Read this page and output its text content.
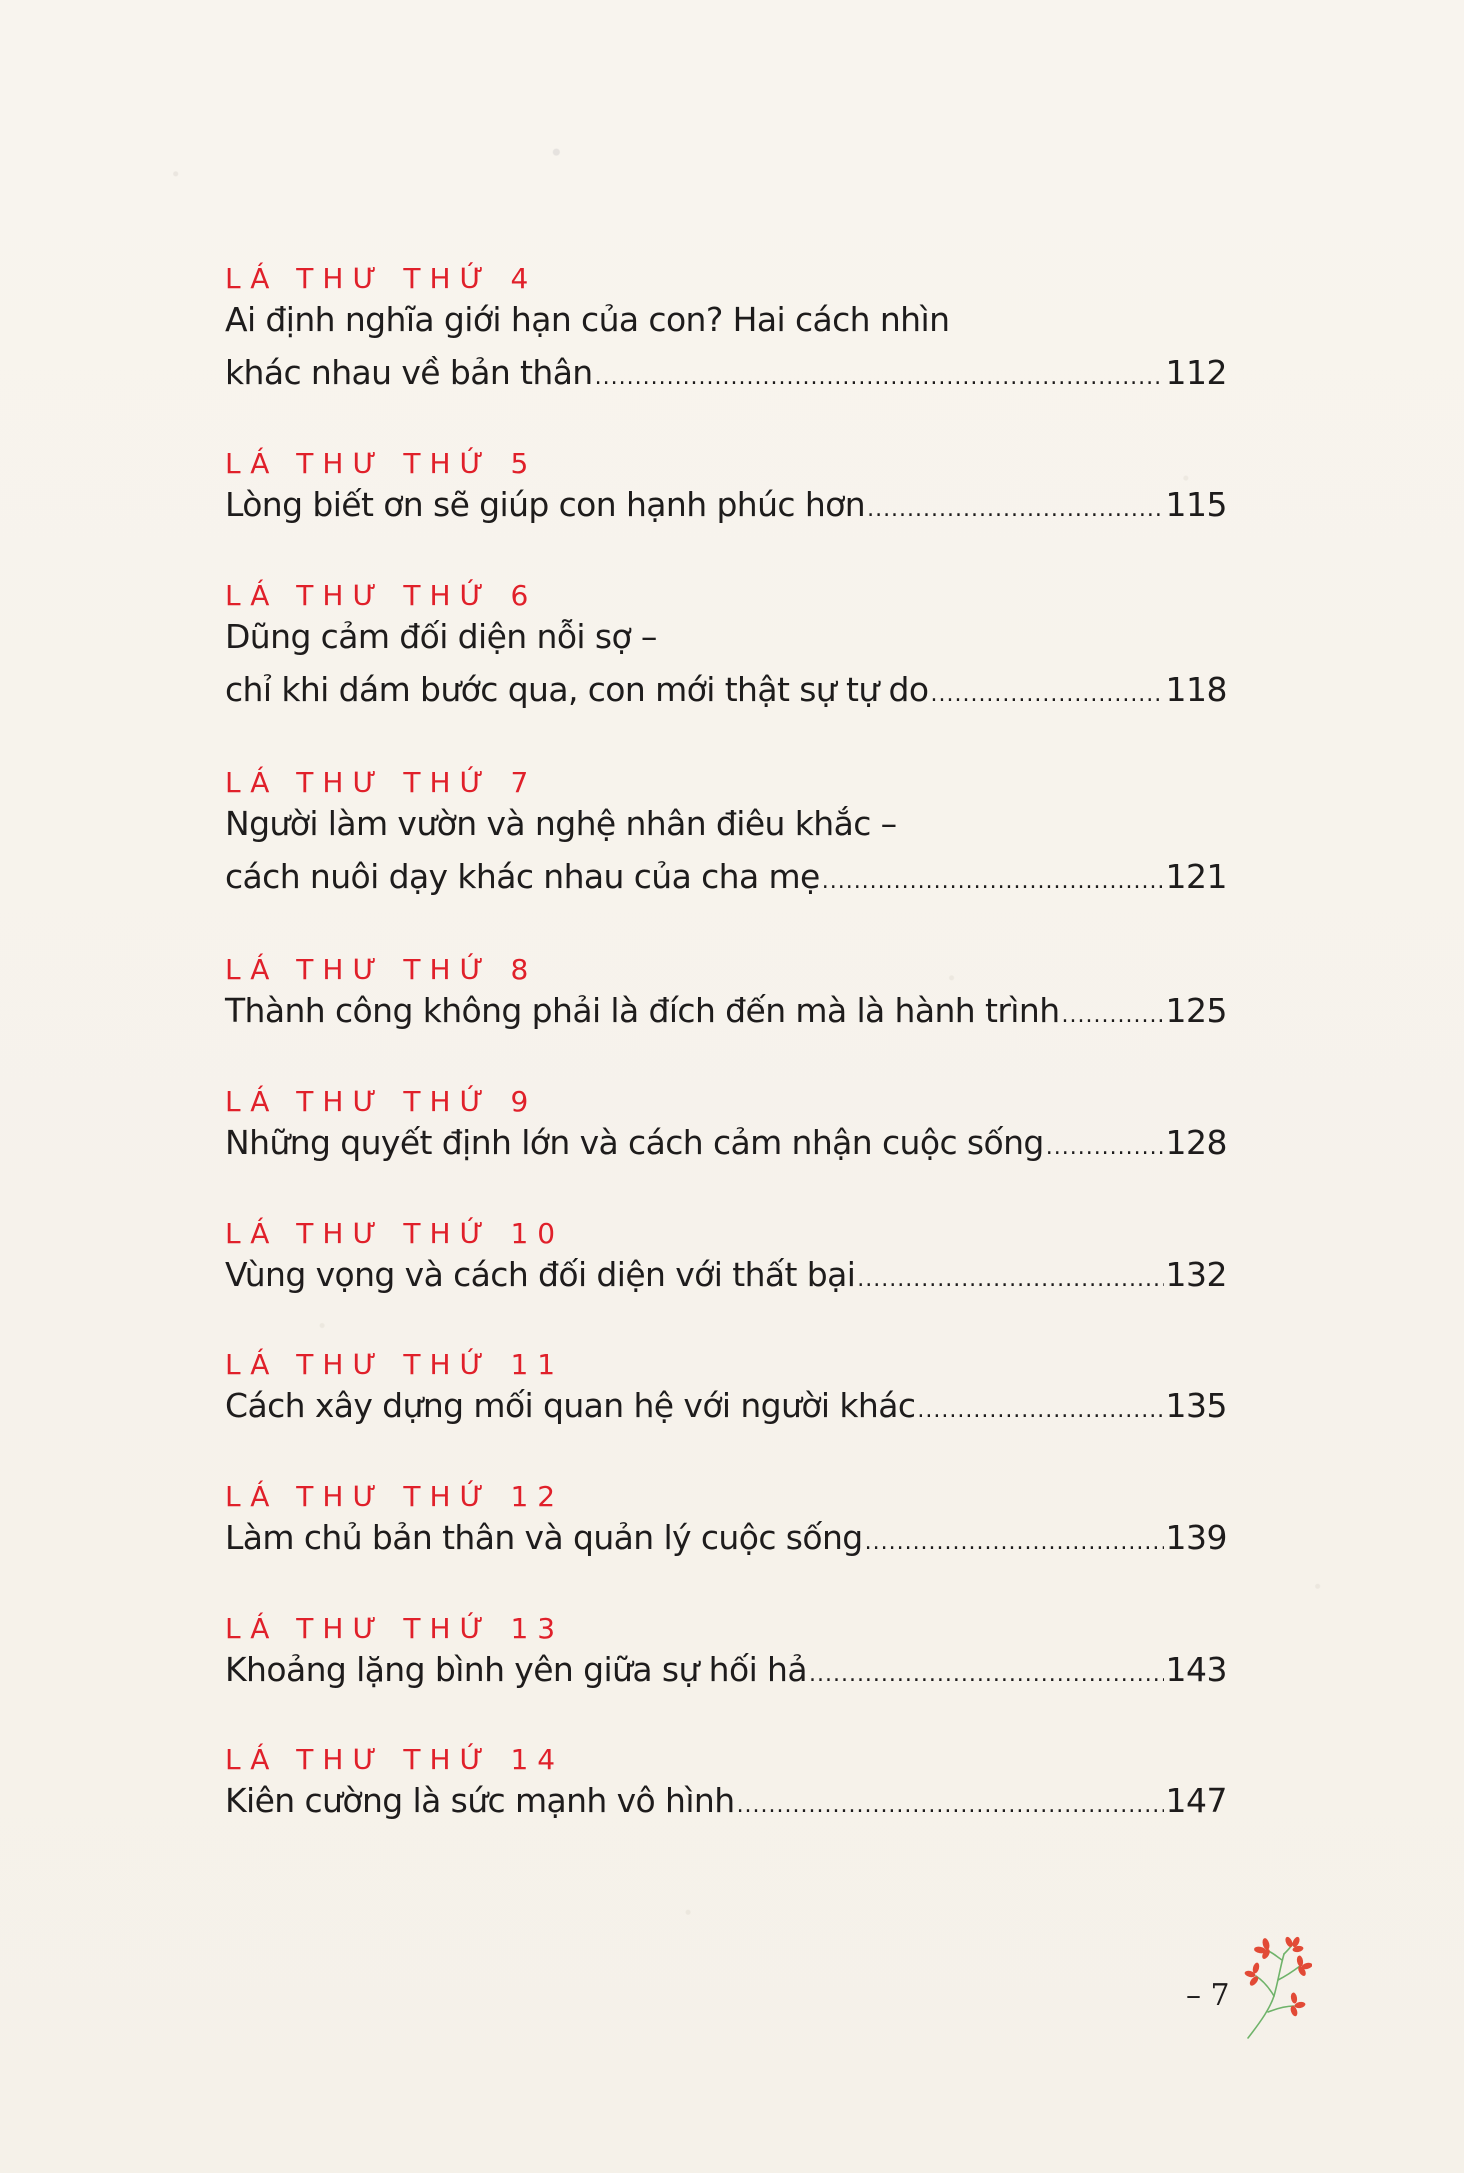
LÁ THƯ THỨ 4
Ai định nghĩa giới hạn của con? Hai cách nhìn
khác nhau về bản thân .....	112
LÁ THƯ THỨ 5
Lòng biết ơn sẽ giúp con hạnh phúc hơn .....	115
LÁ THƯ THỨ 6
Dũng cảm đối diện nỗi sợ –
chỉ khi dám bước qua, con mới thật sự tự do .....	118
LÁ THƯ THỨ 7
Người làm vườn và nghệ nhân điêu khắc –
cách nuôi dạy khác nhau của cha mẹ .....	121
LÁ THƯ THỨ 8
Thành công không phải là đích đến mà là hành trình .....	125
LÁ THƯ THỨ 9
Những quyết định lớn và cách cảm nhận cuộc sống .....	128
LÁ THƯ THỨ 10
Vùng vọng và cách đối diện với thất bại .....	132
LÁ THƯ THỨ 11
Cách xây dựng mối quan hệ với người khác .....	135
LÁ THƯ THỨ 12
Làm chủ bản thân và quản lý cuộc sống .....	139
LÁ THƯ THỨ 13
Khoảng lặng bình yên giữa sự hối hả .....	143
LÁ THƯ THỨ 14
Kiên cường là sức mạnh vô hình .....	147
– 7
